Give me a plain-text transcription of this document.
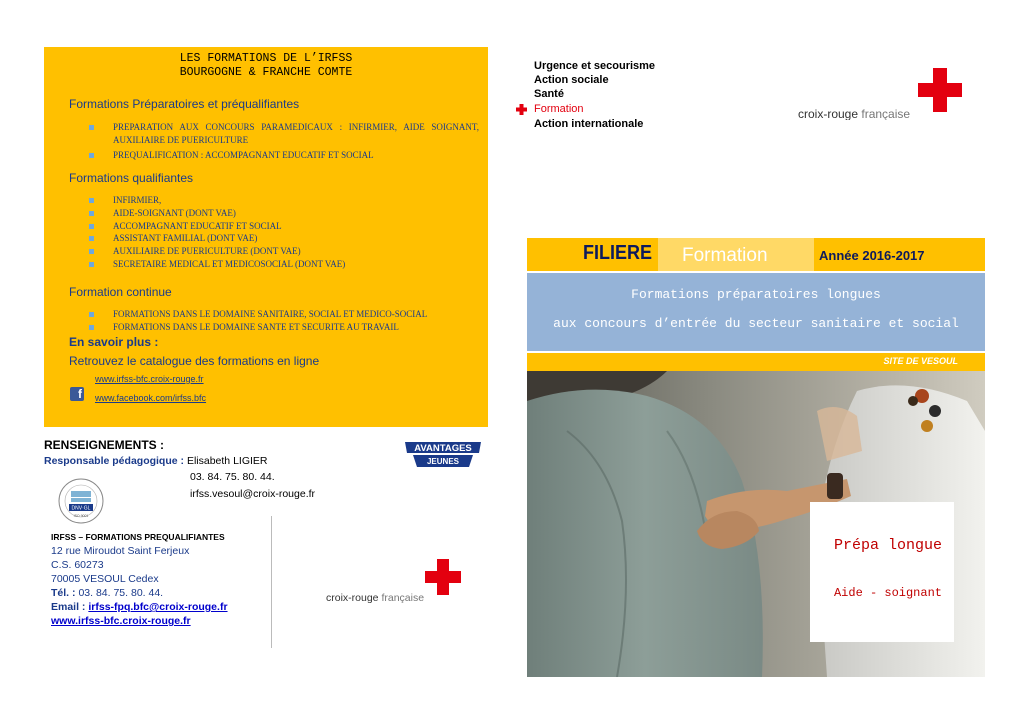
LES FORMATIONS DE L’IRFSS
BOURGOGNE & FRANCHE COMTE
Formations Préparatoires et préqualifiantes
PREPARATION AUX CONCOURS PARAMEDICAUX : INFIRMIER, AIDE SOIGNANT, AUXILIAIRE DE PUERICULTURE
PREQUALIFICATION : ACCOMPAGNANT EDUCATIF ET SOCIAL
Formations qualifiantes
INFIRMIER,
AIDE-SOIGNANT (DONT VAE)
ACCOMPAGNANT EDUCATIF ET SOCIAL
ASSISTANT FAMILIAL (DONT VAE)
AUXILIAIRE DE PUERICULTURE (DONT VAE)
SECRETAIRE MEDICAL ET MEDICOSOCIAL (DONT VAE)
Formation continue
FORMATIONS DANS LE DOMAINE SANITAIRE, SOCIAL ET MEDICO-SOCIAL
FORMATIONS DANS LE DOMAINE SANTE ET SECURITE AU TRAVAIL
En savoir plus :
Retrouvez le catalogue des formations en ligne
www.irfss-bfc.croix-rouge.fr
f www.facebook.com/irfss.bfc
RENSEIGNEMENTS :
Responsable pédagogique : Elisabeth LIGIER
03. 84. 75. 80. 44.
irfss.vesoul@croix-rouge.fr
AVANTAGES
JEUNES
DNV·GL
ISO 9001
IRFSS – FORMATIONS PREQUALIFIANTES
12 rue Miroudot Saint Ferjeux
C.S. 60273
70005 VESOUL Cedex
Tél. : 03. 84. 75. 80. 44.
Email : irfss-fpq.bfc@croix-rouge.fr
www.irfss-bfc.croix-rouge.fr
croix-rouge française
Urgence et secourisme
Action sociale
Santé
Formation
Action internationale
croix-rouge française
FILIERE Formation	Année 2016-2017
Formations préparatoires longues
aux concours d’entrée du secteur sanitaire et social
SITE DE VESOUL
Prépa longue
Aide - soignant
